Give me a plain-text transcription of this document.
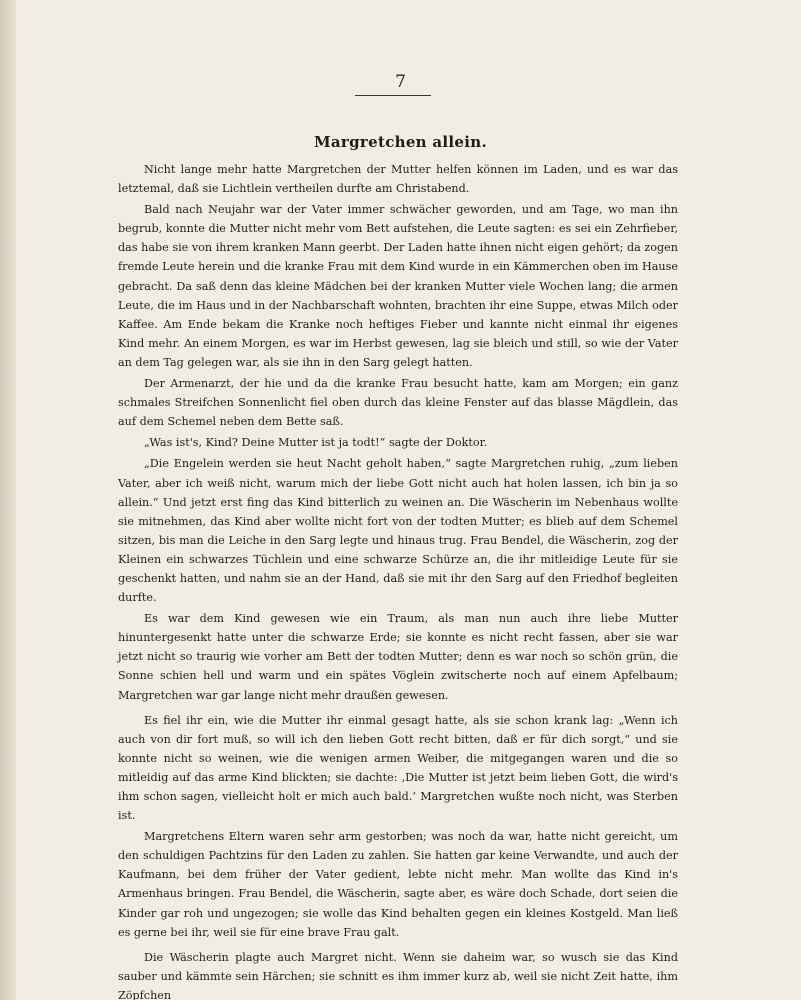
7
Margretchen allein.

Nicht lange mehr hatte Margretchen der Mutter helfen können im Laden, und es war das letztemal, daß sie Lichtlein vertheilen durfte am Christabend.

Bald nach Neujahr war der Vater immer schwächer geworden, und am Tage, wo man ihn begrub, konnte die Mutter nicht mehr vom Bett aufstehen, die Leute sagten: es sei ein Zehrfieber, das habe sie von ihrem kranken Mann geerbt. Der Laden hatte ihnen nicht eigen gehört; da zogen fremde Leute herein und die kranke Frau mit dem Kind wurde in ein Kämmerchen oben im Hause gebracht. Da saß denn das kleine Mädchen bei der kranken Mutter viele Wochen lang; die armen Leute, die im Haus und in der Nachbarschaft wohnten, brachten ihr eine Suppe, etwas Milch oder Kaffee. Am Ende bekam die Kranke noch heftiges Fieber und kannte nicht einmal ihr eigenes Kind mehr. An einem Morgen, es war im Herbst gewesen, lag sie bleich und still, so wie der Vater an dem Tag gelegen war, als sie ihn in den Sarg gelegt hatten.

Der Armenarzt, der hie und da die kranke Frau besucht hatte, kam am Morgen; ein ganz schmales Streifchen Sonnenlicht fiel oben durch das kleine Fenster auf das blasse Mägdlein, das auf dem Schemel neben dem Bette saß.

„Was ist's, Kind? Deine Mutter ist ja todt!“ sagte der Doktor.

„Die Engelein werden sie heut Nacht geholt haben,“ sagte Margretchen ruhig, „zum lieben Vater, aber ich weiß nicht, warum mich der liebe Gott nicht auch hat holen lassen, ich bin ja so allein.“ Und jetzt erst fing das Kind bitterlich zu weinen an. Die Wäscherin im Nebenhaus wollte sie mitnehmen, das Kind aber wollte nicht fort von der todten Mutter; es blieb auf dem Schemel sitzen, bis man die Leiche in den Sarg legte und hinaus trug. Frau Bendel, die Wäscherin, zog der Kleinen ein schwarzes Tüchlein und eine schwarze Schürze an, die ihr mitleidige Leute für sie geschenkt hatten, und nahm sie an der Hand, daß sie mit ihr den Sarg auf den Friedhof begleiten durfte.

Es war dem Kind gewesen wie ein Traum, als man nun auch ihre liebe Mutter hinuntergesenkt hatte unter die schwarze Erde; sie konnte es nicht recht fassen, aber sie war jetzt nicht so traurig wie vorher am Bett der todten Mutter; denn es war noch so schön grün, die Sonne schien hell und warm und ein spätes Vöglein zwitscherte noch auf einem Apfelbaum; Margretchen war gar lange nicht mehr draußen gewesen.

Es fiel ihr ein, wie die Mutter ihr einmal gesagt hatte, als sie schon krank lag: „Wenn ich auch von dir fort muß, so will ich den lieben Gott recht bitten, daß er für dich sorgt,“ und sie konnte nicht so weinen, wie die wenigen armen Weiber, die mitgegangen waren und die so mitleidig auf das arme Kind blickten; sie dachte: ‚Die Mutter ist jetzt beim lieben Gott, die wird's ihm schon sagen, vielleicht holt er mich auch bald.‘ Margretchen wußte noch nicht, was Sterben ist.

Margretchens Eltern waren sehr arm gestorben; was noch da war, hatte nicht gereicht, um den schuldigen Pachtzins für den Laden zu zahlen. Sie hatten gar keine Verwandte, und auch der Kaufmann, bei dem früher der Vater gedient, lebte nicht mehr. Man wollte das Kind in's Armenhaus bringen. Frau Bendel, die Wäscherin, sagte aber, es wäre doch Schade, dort seien die Kinder gar roh und ungezogen; sie wolle das Kind behalten gegen ein kleines Kostgeld. Man ließ es gerne bei ihr, weil sie für eine brave Frau galt.

Die Wäscherin plagte auch Margret nicht. Wenn sie daheim war, so wusch sie das Kind sauber und kämmte sein Härchen; sie schnitt es ihm immer kurz ab, weil sie nicht Zeit hatte, ihm Zöpfchen
